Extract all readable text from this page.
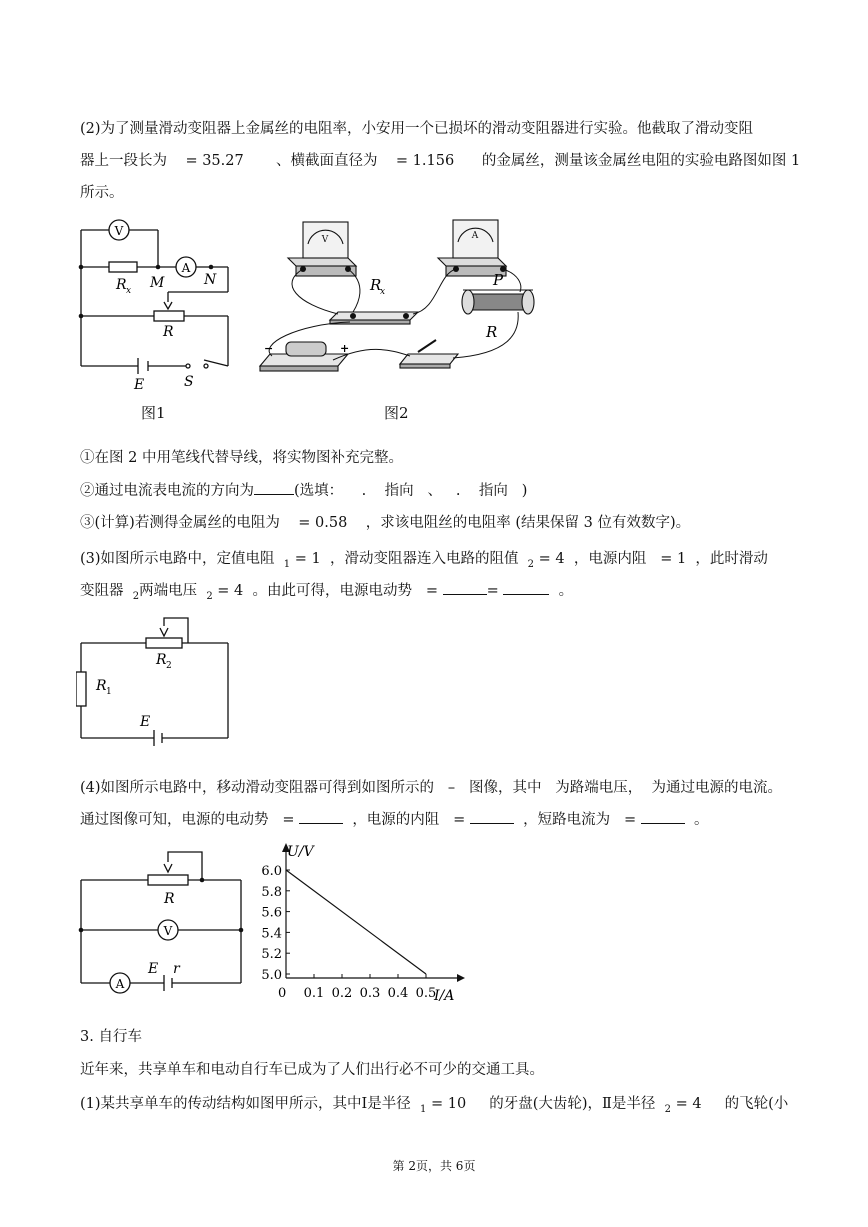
(2)为了测量滑动变阻器上金属丝的电阻率，小安用一个已损坏的滑动变阻器进行实验。他截取了滑动变阻
器上一段长为 = 35.27 、横截面直径为 = 1.156 的金属丝，测量该金属丝电阻的实验电路图如图 1
所示。
V
A
R x M	N
R
E	S
图1
V	A
R
x
P
R
−	+
图2
①在图 2 中用笔线代替导线，将实物图补充完整。
②通过电流表电流的方向为	(选填： . 指向 、 . 指向 )
③(计算)若测得金属丝的电阻为 = 0.58 ，求该电阻丝的电阻率 (结果保留 3 位有效数字)。
(3)如图所示电路中，定值电阻 $_1$ = 1 ，滑动变阻器连入电路的阻值 $_2$ = 4 ，电源内阻 = 1 ，此时滑动
变阻器 $_2$两端电压 $_2$ = 4 。由此可得，电源电动势 =	=	。
R 2
R 1
E
(4)如图所示电路中，移动滑动变阻器可得到如图所示的 – 图像，其中 为路端电压， 为通过电源的电流。
通过图像可知，电源的电动势 =	，电源的内阻 =	，短路电流为 =	。
V
A
R
E r
0.1 0.2 0.3 0.4 0.5
5.0
5.2
5.4
5.6
5.8
6.0
U/V
I/A
0
3. 自行车
近年来，共享单车和电动自行车已成为了人们出行必不可少的交通工具。
(1)某共享单车的传动结构如图甲所示，其中Ⅰ是半径 $_1$ = 10 的牙盘(大齿轮)，Ⅱ是半径 $_2$ = 4 的飞轮(小
第 2页，共 6页
